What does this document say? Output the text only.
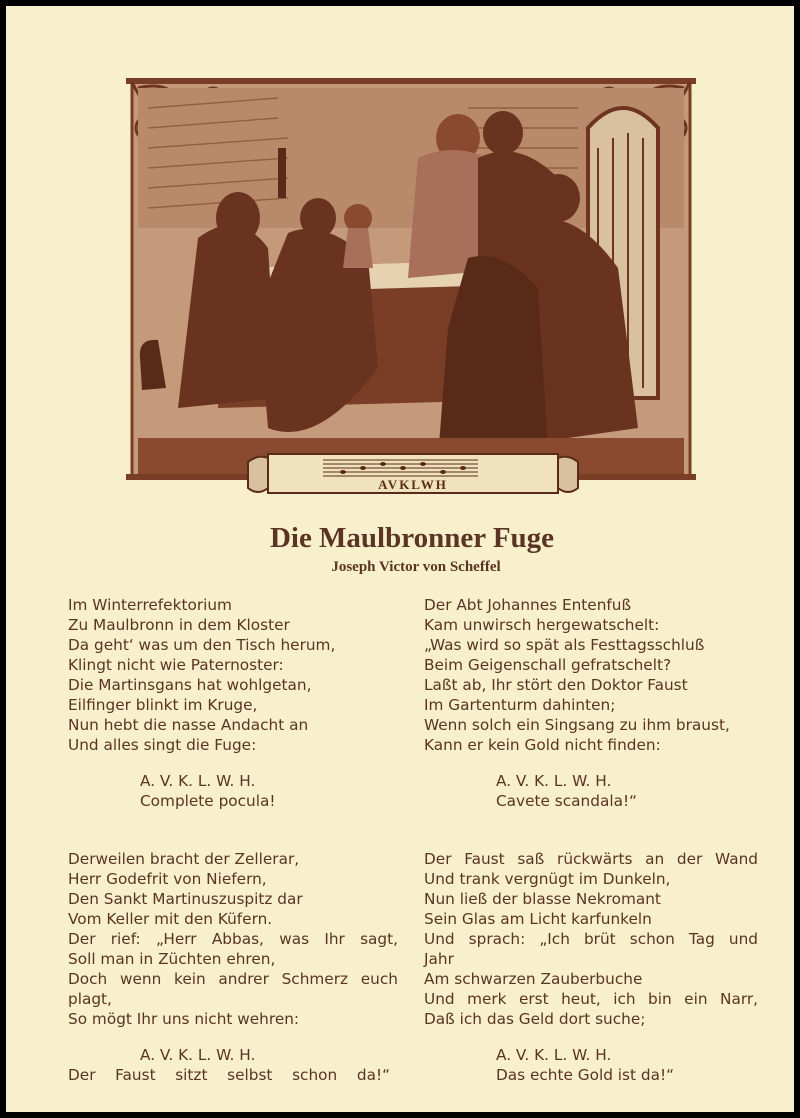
AVKLWH
Die Maulbronner Fuge
Joseph Victor von Scheffel
Im Winterrefektorium
Zu Maulbronn in dem Kloster
Da geht‘ was um den Tisch herum,
Klingt nicht wie Paternoster:
Die Martinsgans hat wohlgetan,
Eilfinger blinkt im Kruge,
Nun hebt die nasse Andacht an
Und alles singt die Fuge:
A. V. K. L. W. H.
Complete pocula!
Derweilen bracht der Zellerar,
Herr Godefrit von Niefern,
Den Sankt Martinuszuspitz dar
Vom Keller mit den Küfern.
Der rief: „Herr Abbas, was Ihr sagt,
Soll man in Züchten ehren,
Doch wenn kein andrer Schmerz euch
plagt,
So mögt Ihr uns nicht wehren:
A. V. K. L. W. H.
Der Faust sitzt selbst schon da!“
Der Abt Johannes Entenfuß
Kam unwirsch hergewatschelt:
„Was wird so spät als Festtagsschluß
Beim Geigenschall gefratschelt?
Laßt ab, Ihr stört den Doktor Faust
Im Gartenturm dahinten;
Wenn solch ein Singsang zu ihm braust,
Kann er kein Gold nicht finden:
A. V. K. L. W. H.
Cavete scandala!“
Der Faust saß rückwärts an der Wand
Und trank vergnügt im Dunkeln,
Nun ließ der blasse Nekromant
Sein Glas am Licht karfunkeln
Und sprach: „Ich brüt schon Tag und
Jahr
Am schwarzen Zauberbuche
Und merk erst heut, ich bin ein Narr,
Daß ich das Geld dort suche;
A. V. K. L. W. H.
Das echte Gold ist da!“
